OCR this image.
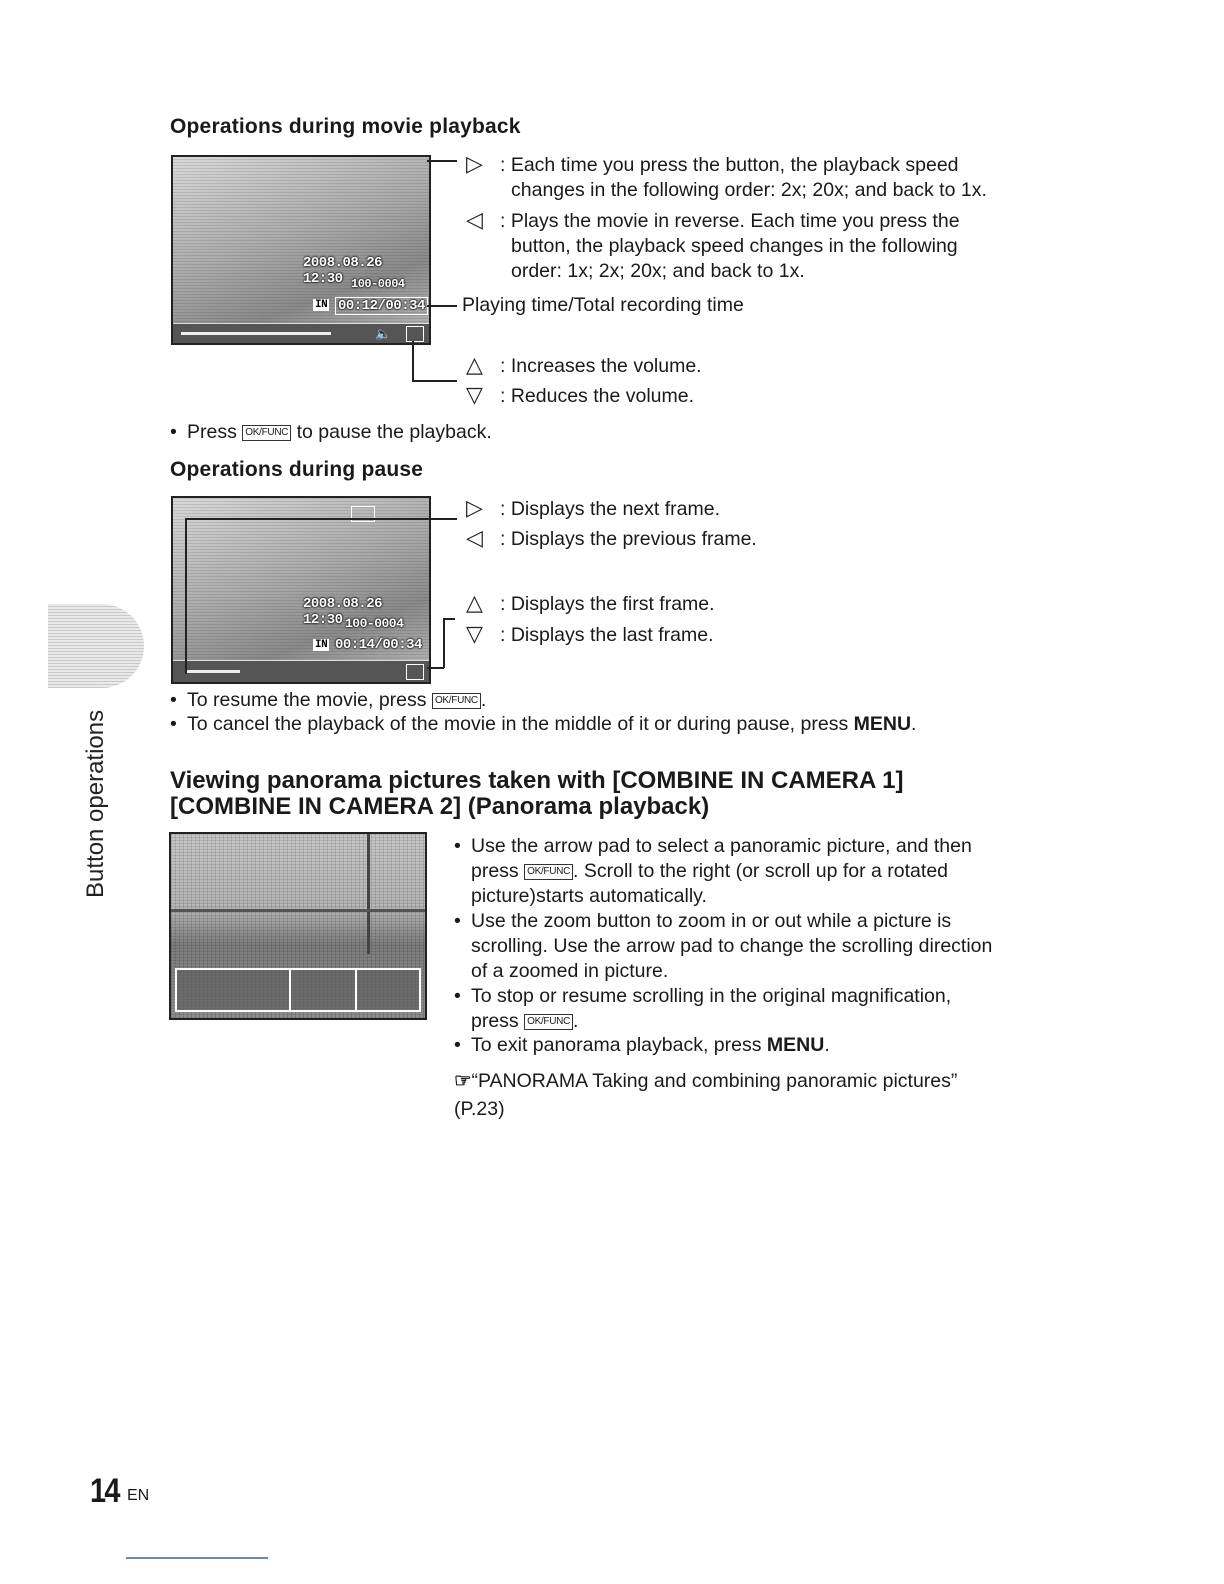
Operations during movie playback
2008.08.26 12:30 100-0004
IN 00:12/00:34
🔈
▷ : Each time you press the button, the playback speed
changes in the following order: 2x; 20x; and back to 1x.
◁ : Plays the movie in reverse. Each time you press the
button, the playback speed changes in the following
order: 1x; 2x; 20x; and back to 1x.
Playing time/Total recording time
△ : Increases the volume.
▽ : Reduces the volume.
• Press OK/FUNC to pause the playback.
Operations during pause
2008.08.26 12:30 100-0004
IN 00:14/00:34
▷ : Displays the next frame.
◁ : Displays the previous frame.
△ : Displays the first frame.
▽ : Displays the last frame.
• To resume the movie, press OK/FUNC .
• To cancel the playback of the movie in the middle of it or during pause, press MENU.
Viewing panorama pictures taken with [COMBINE IN CAMERA 1]
[COMBINE IN CAMERA 2] (Panorama playback)
• Use the arrow pad to select a panoramic picture, and then
press OK/FUNC . Scroll to the right (or scroll up for a rotated
picture)starts automatically.
• Use the zoom button to zoom in or out while a picture is
scrolling. Use the arrow pad to change the scrolling direction
of a zoomed in picture.
• To stop or resume scrolling in the original magnification,
press OK/FUNC .
• To exit panorama playback, press MENU.
☞“PANORAMA Taking and combining panoramic pictures”
(P.23)
Button operations
14 EN
